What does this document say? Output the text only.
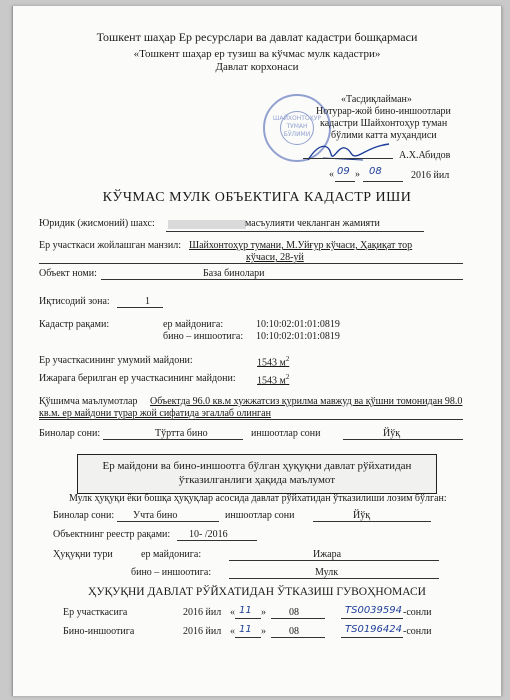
Тошкент шаҳар Ер ресурслари ва давлат кадастри бошқармаси
«Тошкент шаҳар ер тузиш ва кўчмас мулк кадастри»
Давлат корхонаси
ШАЙХОНТОҲУР
ТУМАН
БЎЛИМИ
«Тасдиқлайман»
Нотурар-жой бино-иншоотлари
кадастри Шайхонтоҳур туман
бўлими катта муҳандиси
А.Х.Абидов
« 09 » 08	2016 йил
КЎЧМАС МУЛК ОБЪЕКТИГА КАДАСТР ИШИ
Юридик (жисмоний) шахс:	масъулияти чекланган жамияти
Ер участкаси жойлашган манзил: Шайхонтоҳур тумани, М.Уйғур кўчаси, Ҳақиқат тор
кўчаси, 28-уй
Объект номи:	База бинолари
Иқтисодий зона:	1
Кадастр рақами:	ер майдонига:	10:10:02:01:01:0819
бино – иншоотига: 10:10:02:01:01:0819
Ер участкасининг умумий майдони:	1543 $м^2$
Ижарага берилган ер участкасининг майдони: 1543 $м^2$
Қўшимча маълумотлар Объектда 96.0 кв.м хужжатсиз қурилма мавжуд ва қўшни томонидан 98.0
кв.м. ер майдони турар жой сифатида эгаллаб олинган
Бинолар сони:	Тўртта бино	иншоотлар сони	Йўқ
Ер майдони ва бино-иншоотга бўлган ҳуқуқни давлат рўйхатидан
ўтказилганлиги ҳақида маълумот
Мулк ҳуқуқи ёки бошқа ҳуқуқлар асосида давлат рўйхатидан ўтказилиши лозим бўлган:
Бинолар сони: Учта бино	иншоотлар сони	Йўқ
Объектнинг реестр рақами: 10- /2016
Ҳуқуқни тури	ер майдонига:	Ижара
бино – иншоотига:	Мулк
ҲУҚУҚНИ ДАВЛАТ РЎЙХАТИДАН ЎТКАЗИШ ГУВОҲНОМАСИ
Ер участкасига	2016 йил « 11 » 08	TS0039594 -сонли
Бино-иншоотига	2016 йил « 11 » 08	TS0196424 -сонли
